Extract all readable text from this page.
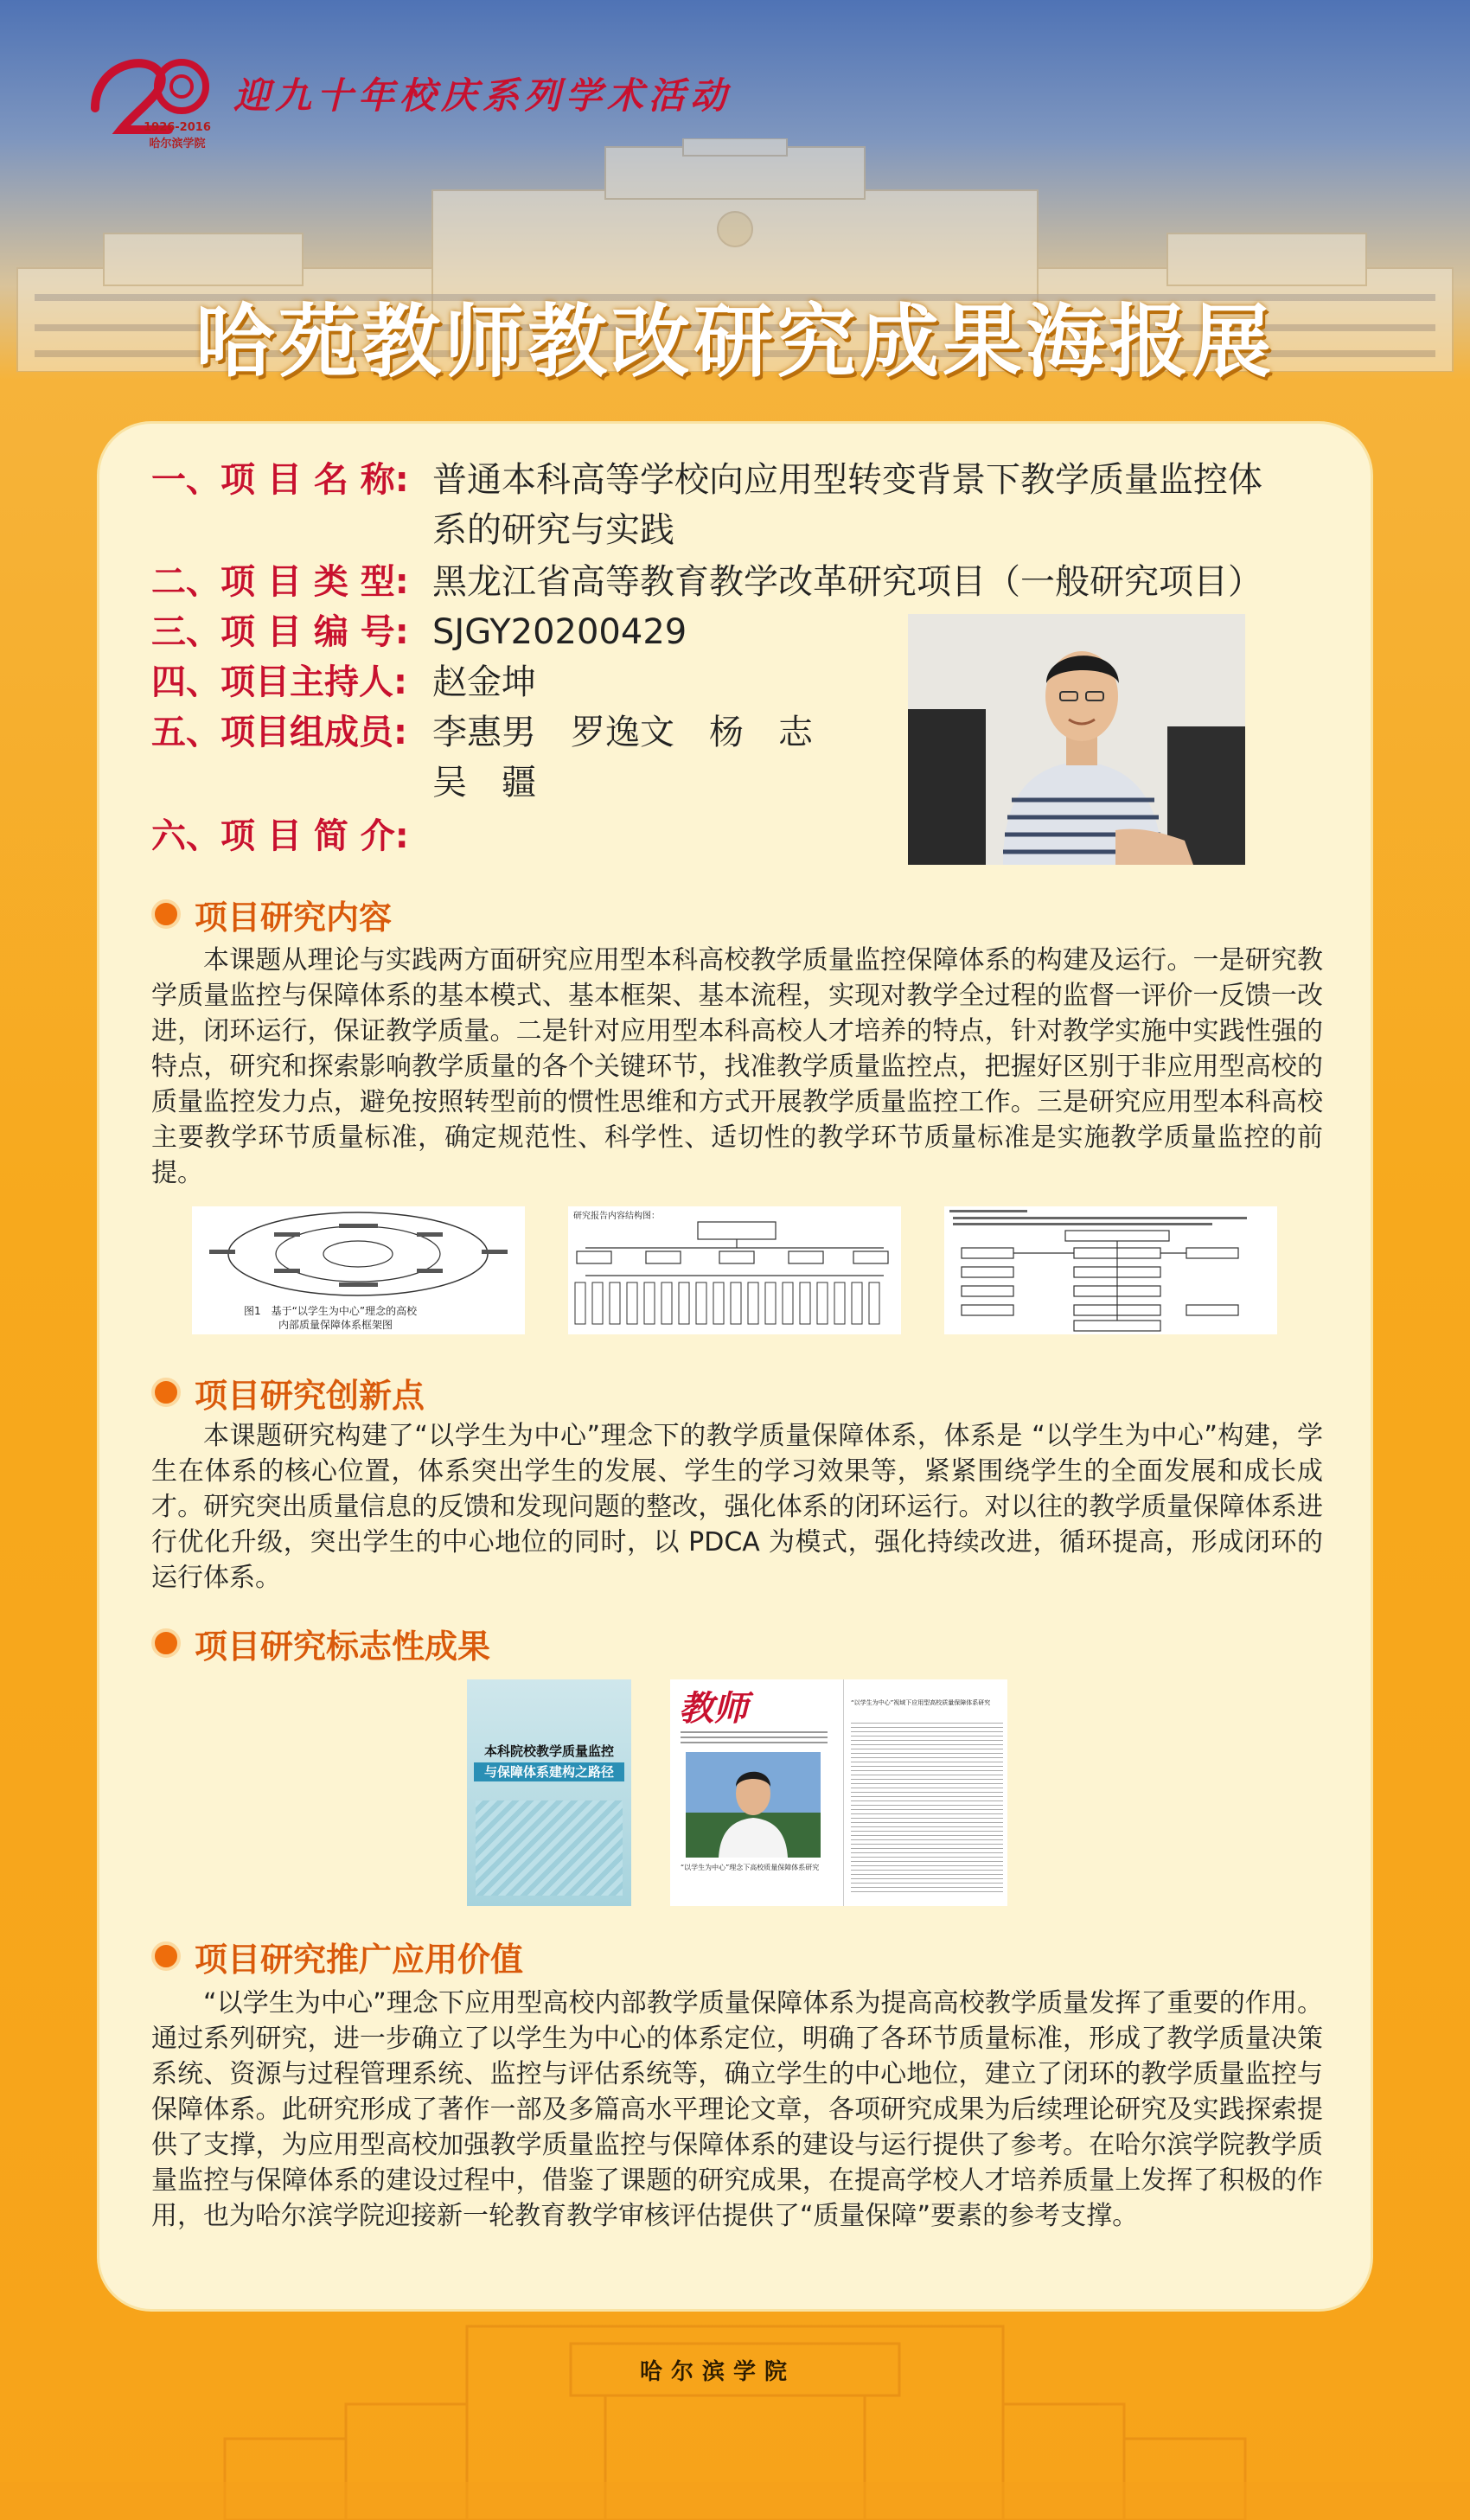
1926-2016
哈尔滨学院
迎九十年校庆系列学术活动
哈苑教师教改研究成果海报展
一、项 目 名 称: 普通本科高等学校向应用型转变背景下教学质量监控体
系的研究与实践
二、项 目 类 型: 黑龙江省高等教育教学改革研究项目（一般研究项目）
三、项 目 编 号: SJGY20200429
四、项目主持人: 赵金坤
五、项目组成员: 李惠男　罗逸文　杨　志
吴　疆
六、项 目 简 介:
项目研究内容
本课题从理论与实践两方面研究应用型本科高校教学质量监控保障体系的构建及运行。一是研究教学质量监控与保障体系的基本模式、基本框架、基本流程，实现对教学全过程的监督一评价一反馈一改进，闭环运行，保证教学质量。二是针对应用型本科高校人才培养的特点，针对教学实施中实践性强的特点，研究和探索影响教学质量的各个关键环节，找准教学质量监控点，把握好区别于非应用型高校的质量监控发力点，避免按照转型前的惯性思维和方式开展教学质量监控工作。三是研究应用型本科高校主要教学环节质量标准，确定规范性、科学性、适切性的教学环节质量标准是实施教学质量监控的前提。
图1　基于“以学生为中心”理念的高校
内部质量保障体系框架图
研究报告内容结构图：
项目研究创新点
本课题研究构建了“以学生为中心”理念下的教学质量保障体系，体系是 “以学生为中心”构建，学生在体系的核心位置，体系突出学生的发展、学生的学习效果等，紧紧围绕学生的全面发展和成长成才。研究突出质量信息的反馈和发现问题的整改，强化体系的闭环运行。对以往的教学质量保障体系进行优化升级，突出学生的中心地位的同时，以 PDCA 为模式，强化持续改进，循环提高，形成闭环的运行体系。
项目研究标志性成果
本科院校教学质量监控
与保障体系建构之路径
教师
“以学生为中心”理念下高校质量保障体系研究
“以学生为中心”视域下应用型高校质量保障体系研究
项目研究推广应用价值
“以学生为中心”理念下应用型高校内部教学质量保障体系为提高高校教学质量发挥了重要的作用。通过系列研究，进一步确立了以学生为中心的体系定位，明确了各环节质量标准，形成了教学质量决策系统、资源与过程管理系统、监控与评估系统等，确立学生的中心地位，建立了闭环的教学质量监控与保障体系。此研究形成了著作一部及多篇高水平理论文章，各项研究成果为后续理论研究及实践探索提供了支撑，为应用型高校加强教学质量监控与保障体系的建设与运行提供了参考。在哈尔滨学院教学质量监控与保障体系的建设过程中，借鉴了课题的研究成果，在提高学校人才培养质量上发挥了积极的作用，也为哈尔滨学院迎接新一轮教育教学审核评估提供了“质量保障”要素的参考支撑。
哈尔滨学院
